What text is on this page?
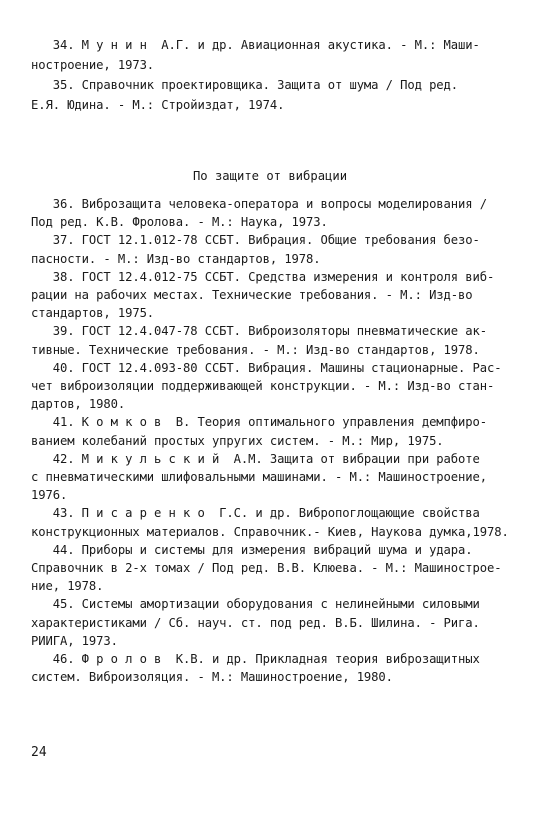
34. М у н и н  А.Г. и др. Авиационная акустика. - М.: Маши-
ностроение, 1973.
35. Справочник проектировщика. Защита от шума / Под ред.
Е.Я. Юдина. - М.: Стройиздат, 1974.
По защите от вибрации
36. Виброзащита человека-оператора и вопросы моделирования /
Под ред. К.В. Фролова. - М.: Наука, 1973.
37. ГОСТ 12.1.012-78 ССБТ. Вибрация. Общие требования безо-
пасности. - М.: Изд-во стандартов, 1978.
38. ГОСТ 12.4.012-75 ССБТ. Средства измерения и контроля виб-
рации на рабочих местах. Технические требования. - М.: Изд-во
стандартов, 1975.
39. ГОСТ 12.4.047-78 ССБТ. Виброизоляторы пневматические ак-
тивные. Технические требования. - М.: Изд-во стандартов, 1978.
40. ГОСТ 12.4.093-80 ССБТ. Вибрация. Машины стационарные. Рас-
чет виброизоляции поддерживающей конструкции. - М.: Изд-во стан-
дартов, 1980.
41. К о м к о в  В. Теория оптимального управления демпфиро-
ванием колебаний простых упругих систем. - М.: Мир, 1975.
42. М и к у л ь с к и й  А.М. Защита от вибрации при работе
с пневматическими шлифовальными машинами. - М.: Машиностроение,
1976.
43. П и с а р е н к о  Г.С. и др. Вибропоглощающие свойства
конструкционных материалов. Справочник.- Киев, Наукова думка,1978.
44. Приборы и системы для измерения вибраций шума и удара.
Справочник в 2-х томах / Под ред. В.В. Клюева. - М.: Машинострое-
ние, 1978.
45. Системы амортизации оборудования с нелинейными силовыми
характеристиками / Сб. науч. ст. под ред. В.Б. Шилина. - Рига.
РИИГА, 1973.
46. Ф р о л о в  К.В. и др. Прикладная теория виброзащитных
систем. Виброизоляция. - М.: Машиностроение, 1980.
24
